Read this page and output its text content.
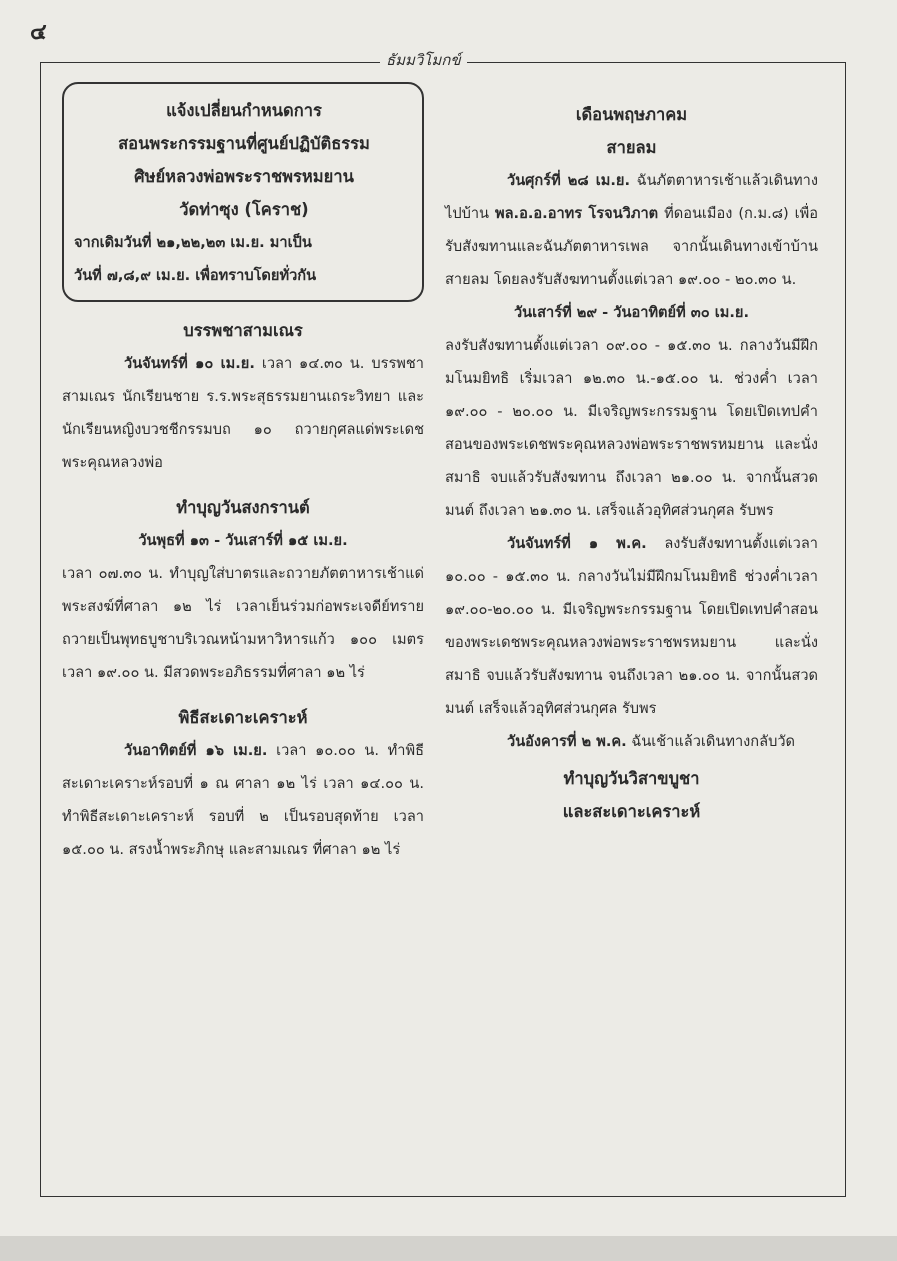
๔
ธัมมวิโมกข์

แจ้งเปลี่ยนกำหนดการ

สอนพระกรรมฐานที่ศูนย์ปฏิบัติธรรม

ศิษย์หลวงพ่อพระราชพรหมยาน

วัดท่าซุง (โคราช)

จากเดิมวันที่ ๒๑,๒๒,๒๓ เม.ย. มาเป็น

วันที่ ๗,๘,๙ เม.ย. เพื่อทราบโดยทั่วกัน

บรรพชาสามเณร

วันจันทร์ที่ ๑๐ เม.ย. เวลา ๑๔.๓๐ น. บรรพชาสามเณร นักเรียนชาย ร.ร.พระสุธรรมยานเถระวิทยา และนักเรียนหญิงบวชชีกรรมบถ ๑๐ ถวายกุศลแด่พระเดชพระคุณหลวงพ่อ

ทำบุญวันสงกรานต์

วันพุธที่ ๑๓ - วันเสาร์ที่ ๑๕ เม.ย.

เวลา ๐๗.๓๐ น. ทำบุญใส่บาตรและถวายภัตตาหารเช้าแด่พระสงฆ์ที่ศาลา ๑๒ ไร่ เวลาเย็นร่วมก่อพระเจดีย์ทรายถวายเป็นพุทธบูชาบริเวณหน้ามหาวิหารแก้ว ๑๐๐ เมตร เวลา ๑๙.๐๐ น. มีสวดพระอภิธรรมที่ศาลา ๑๒ ไร่

พิธีสะเดาะเคราะห์

วันอาทิตย์ที่ ๑๖ เม.ย. เวลา ๑๐.๐๐ น. ทำพิธีสะเดาะเคราะห์รอบที่ ๑ ณ ศาลา ๑๒ ไร่ เวลา ๑๔.๐๐ น. ทำพิธีสะเดาะเคราะห์ รอบที่ ๒ เป็นรอบสุดท้าย เวลา ๑๕.๐๐ น. สรงน้ำพระภิกษุ และสามเณร ที่ศาลา ๑๒ ไร่

เดือนพฤษภาคม

สายลม

วันศุกร์ที่ ๒๘ เม.ย. ฉันภัตตาหารเช้าแล้วเดินทางไปบ้าน พล.อ.อ.อาทร โรจนวิภาต ที่ดอนเมือง (ก.ม.๘) เพื่อรับสังฆทานและฉันภัตตาหารเพล จากนั้นเดินทางเข้าบ้านสายลม โดยลงรับสังฆทานตั้งแต่เวลา ๑๙.๐๐ - ๒๐.๓๐ น.

วันเสาร์ที่ ๒๙ - วันอาทิตย์ที่ ๓๐ เม.ย.

ลงรับสังฆทานตั้งแต่เวลา ๐๙.๐๐ - ๑๕.๓๐ น. กลางวันมีฝึกมโนมยิทธิ เริ่มเวลา ๑๒.๓๐ น.-๑๕.๐๐ น. ช่วงค่ำ เวลา ๑๙.๐๐ - ๒๐.๐๐ น. มีเจริญพระกรรมฐาน โดยเปิดเทปคำสอนของพระเดชพระคุณหลวงพ่อพระราชพรหมยาน และนั่งสมาธิ จบแล้วรับสังฆทาน ถึงเวลา ๒๑.๐๐ น. จากนั้นสวดมนต์ ถึงเวลา ๒๑.๓๐ น. เสร็จแล้วอุทิศส่วนกุศล รับพร

วันจันทร์ที่ ๑ พ.ค. ลงรับสังฆทานตั้งแต่เวลา ๑๐.๐๐ - ๑๕.๓๐ น. กลางวันไม่มีฝึกมโนมยิทธิ ช่วงค่ำเวลา ๑๙.๐๐-๒๐.๐๐ น. มีเจริญพระกรรมฐาน โดยเปิดเทปคำสอนของพระเดชพระคุณหลวงพ่อพระราชพรหมยาน และนั่งสมาธิ จบแล้วรับสังฆทาน จนถึงเวลา ๒๑.๐๐ น. จากนั้นสวดมนต์ เสร็จแล้วอุทิศส่วนกุศล รับพร

วันอังคารที่ ๒ พ.ค. ฉันเช้าแล้วเดินทางกลับวัด

ทำบุญวันวิสาขบูชา

และสะเดาะเคราะห์
